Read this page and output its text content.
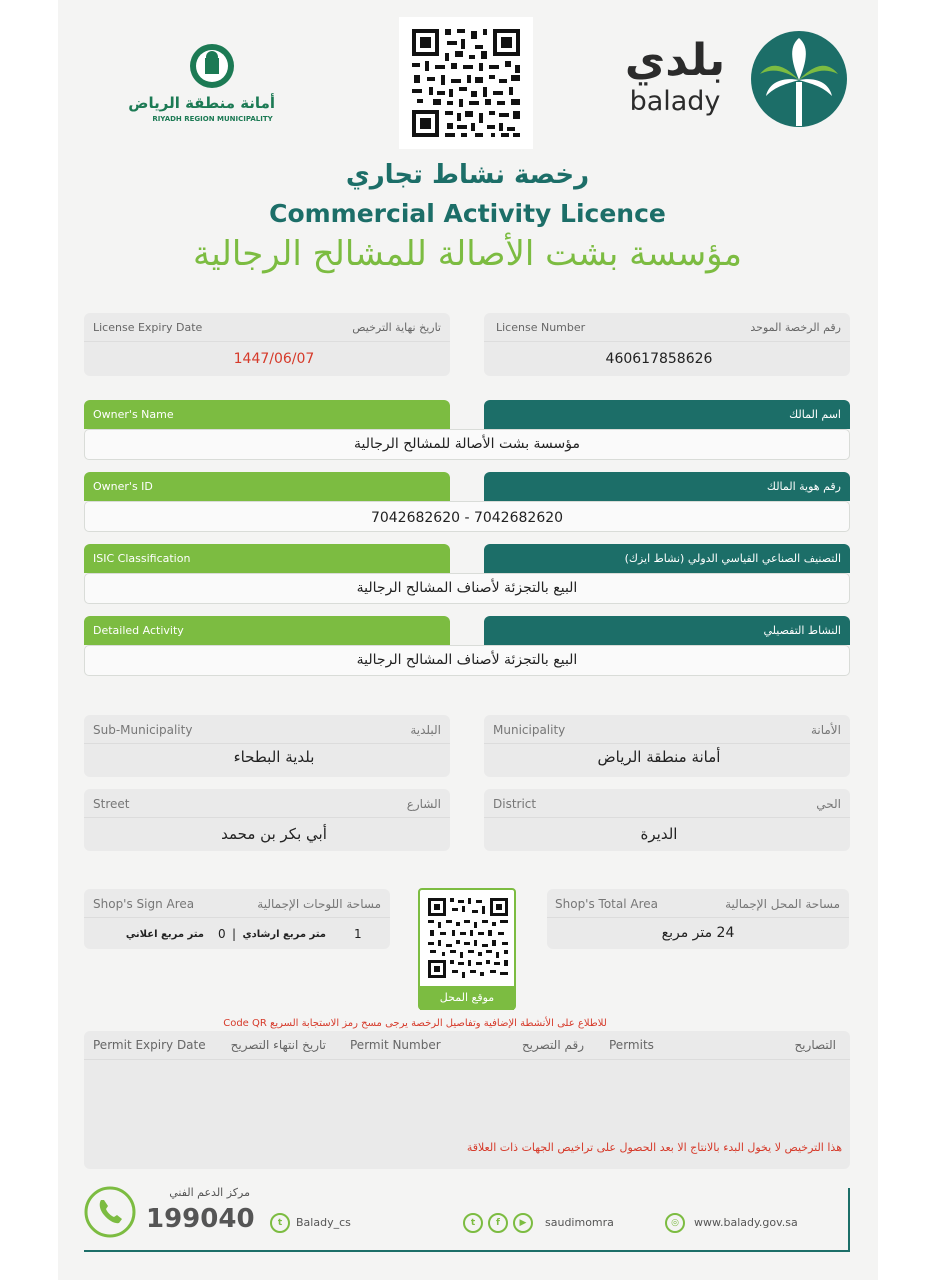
أمانة منطقة الرياض
RIYADH REGION MUNICIPALITY
بلدي
balady
رخصة نشاط تجاري
Commercial Activity Licence
مؤسسة بشت الأصالة للمشالح الرجالية
License Expiry Date	تاريخ نهاية الترخيص
1447/06/07
License Number	رقم الرخصة الموحد
460617858626
Owner's Name	اسم المالك
مؤسسة بشت الأصالة للمشالح الرجالية
Owner's ID	رقم هوية المالك
7042682620 - 7042682620
ISIC Classification	التصنيف الصناعي القياسي الدولي (نشاط ايزك)
البيع بالتجزئة لأصناف المشالح الرجالية
Detailed Activity	النشاط التفصيلي
البيع بالتجزئة لأصناف المشالح الرجالية
Sub-Municipality	البلدية
بلدية البطحاء
Municipality	الأمانة
أمانة منطقة الرياض
Street	الشارع
أبي بكر بن محمد
District	الحي
الديرة
Shop's Sign Area	مساحة اللوحات الإجمالية
1
متر مربع ارشادي
|
0
متر مربع اعلاني
موقع المحل
Shop's Total Area	مساحة المحل الإجمالية
24 متر مربع
للاطلاع على الأنشطة الإضافية وتفاصيل الرخصة يرجى مسح رمز الاستجابة السريع Code QR
Permit Expiry Date	تاريخ انتهاء التصريح Permit Number	رقم التصريح Permits	التصاريح
هذا الترخيص لا يخول البدء بالانتاج الا بعد الحصول على تراخيص الجهات ذات العلاقة
مركز الدعم الفني
199040	t	Balady_cs	t	f	▶	saudimomra	◎	www.balady.gov.sa
